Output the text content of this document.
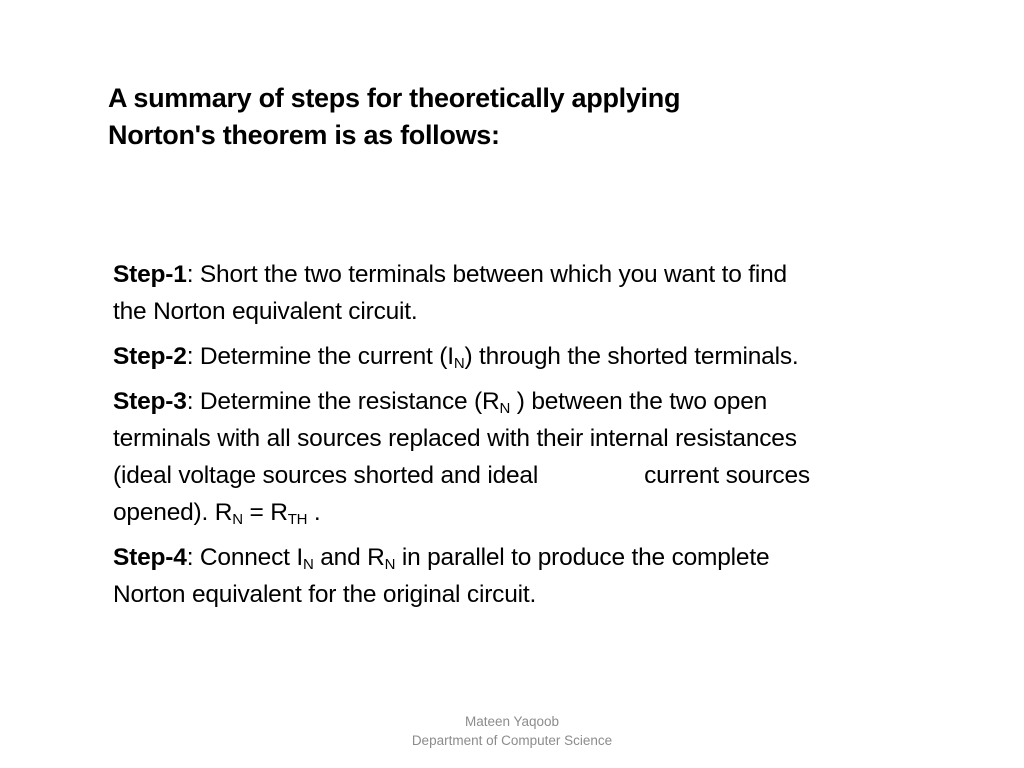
A summary of steps for theoretically applying
Norton's theorem is as follows:
Step-1: Short the two terminals between which you want to find
the Norton equivalent circuit.
Step-2: Determine the current $(I_N)$ through the shorted terminals.
Step-3: Determine the resistance ($R_N$ ) between the two open
terminals with all sources replaced with their internal resistances
(ideal voltage sources shorted and ideal	current sources
opened). $R_N = R_{TH}$ .
Step-4: Connect $I_N$ and $R_N$ in parallel to produce the complete
Norton equivalent for the original circuit.
Mateen Yaqoob
Department of Computer Science
